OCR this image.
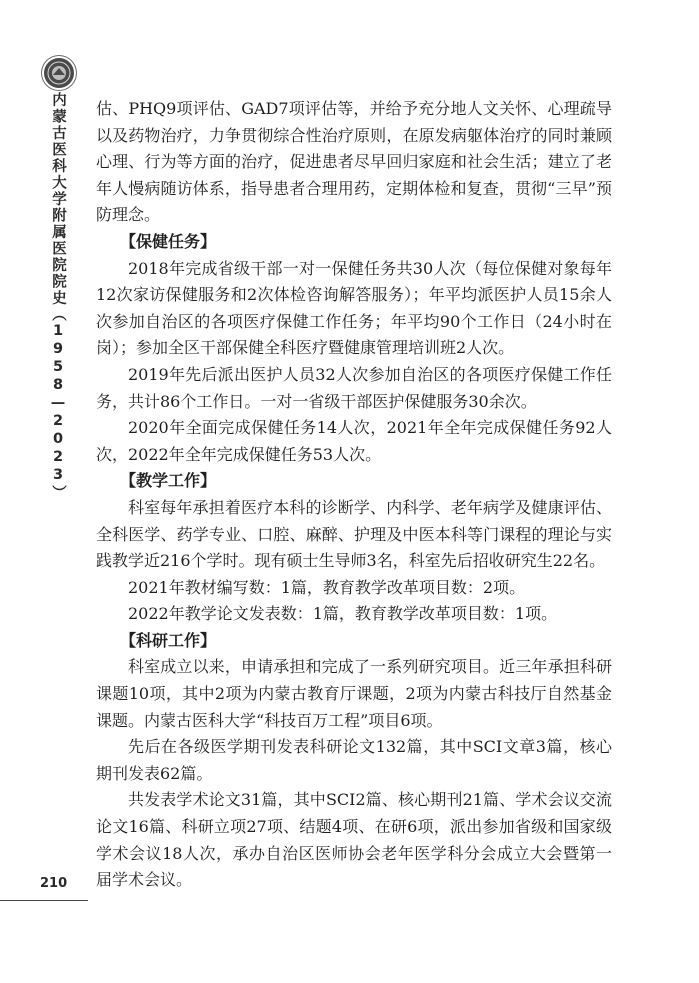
内蒙古医科大学附属医院院史（1958—2023）
210

估、PHQ9项评估、GAD7项评估等，并给予充分地人文关怀、心理疏导以及药物治疗，力争贯彻综合性治疗原则，在原发病躯体治疗的同时兼顾心理、行为等方面的治疗，促进患者尽早回归家庭和社会生活；建立了老年人慢病随访体系，指导患者合理用药，定期体检和复查，贯彻“三早”预防理念。

【保健任务】

2018年完成省级干部一对一保健任务共30人次（每位保健对象每年12次家访保健服务和2次体检咨询解答服务）；年平均派医护人员15余人次参加自治区的各项医疗保健工作任务；年平均90个工作日（24小时在岗）；参加全区干部保健全科医疗暨健康管理培训班2人次。

2019年先后派出医护人员32人次参加自治区的各项医疗保健工作任务，共计86个工作日。一对一省级干部医护保健服务30余次。

2020年全面完成保健任务14人次，2021年全年完成保健任务92人次，2022年全年完成保健任务53人次。

【教学工作】

科室每年承担着医疗本科的诊断学、内科学、老年病学及健康评估、全科医学、药学专业、口腔、麻醉、护理及中医本科等门课程的理论与实践教学近216个学时。现有硕士生导师3名，科室先后招收研究生22名。

2021年教材编写数：1篇，教育教学改革项目数：2项。

2022年教学论文发表数：1篇，教育教学改革项目数：1项。

【科研工作】

科室成立以来，申请承担和完成了一系列研究项目。近三年承担科研课题10项，其中2项为内蒙古教育厅课题，2项为内蒙古科技厅自然基金课题。内蒙古医科大学“科技百万工程”项目6项。

先后在各级医学期刊发表科研论文132篇，其中SCI文章3篇，核心期刊发表62篇。

共发表学术论文31篇，其中SCI2篇、核心期刊21篇、学术会议交流论文16篇、科研立项27项、结题4项、在研6项，派出参加省级和国家级学术会议18人次，承办自治区医师协会老年医学科分会成立大会暨第一届学术会议。
